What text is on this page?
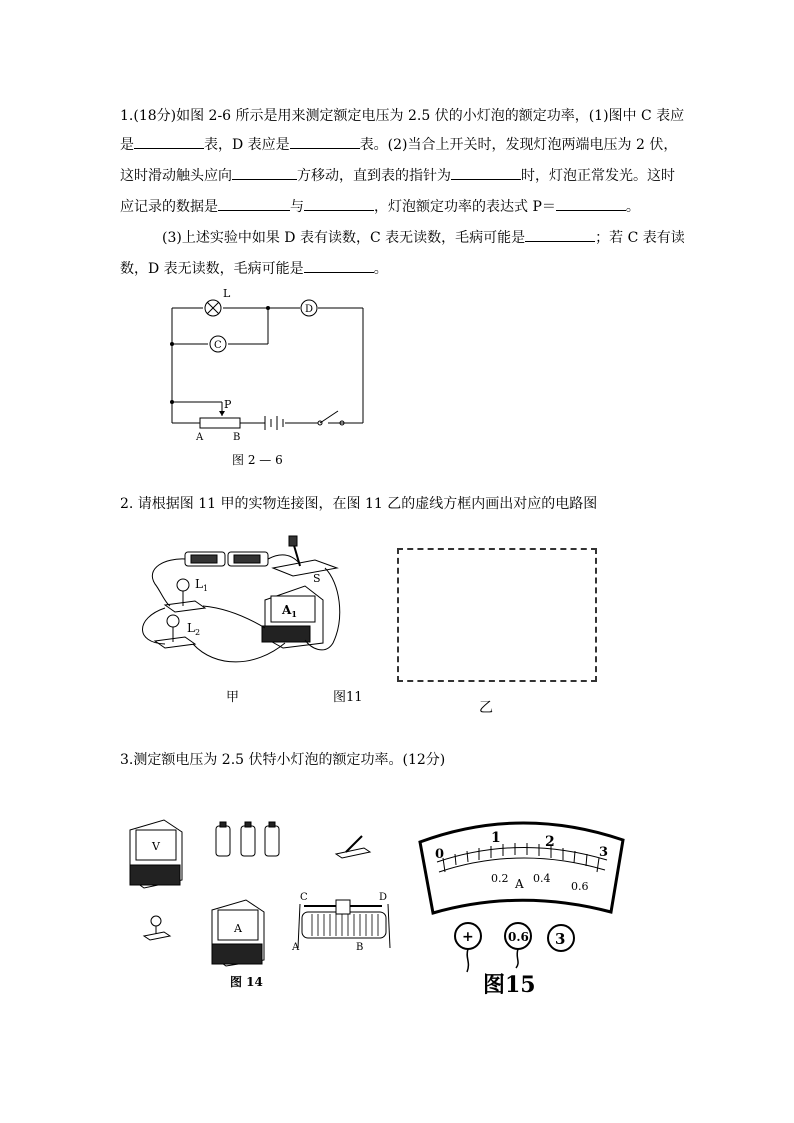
1.(18分)如图 2-6 所示是用来测定额定电压为 2.5 伏的小灯泡的额定功率，(1)图中 C 表应
是	表，D 表应是	表。(2)当合上开关时，发现灯泡两端电压为 2 伏，
这时滑动触头应向	方移动，直到表的指针为	时，灯泡正常发光。这时
应记录的数据是	与	，灯泡额定功率的表达式 P＝	。
(3)上述实验中如果 D 表有读数，C 表无读数，毛病可能是	；若 C 表有读
数，D 表无读数，毛病可能是	。
L
D
C
P
A	B
图 2 — 6
2. 请根据图 11 甲的实物连接图，在图 11 乙的虚线方框内画出对应的电路图
$L_1$
$L_2$
S
$A_1$
甲	图11
乙
3.测定额电压为 2.5 伏特小灯泡的额定功率。(12分)
V
A
C	D
A	B
图 14
0
1	2
3
0.2 A 0.4
0.6
+	0.6 3
图15
